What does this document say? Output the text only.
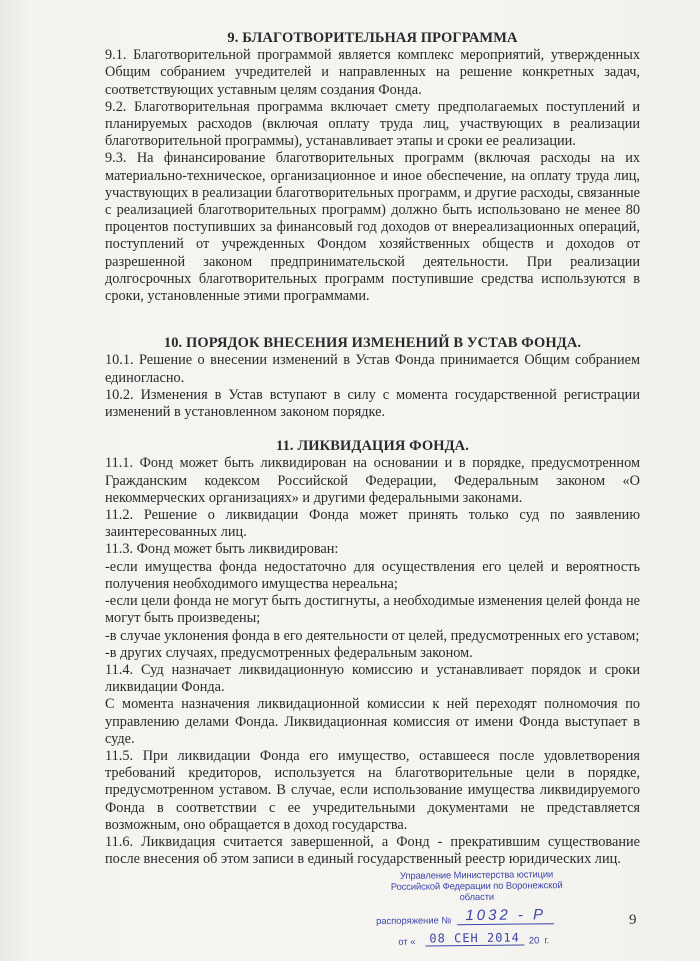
9. БЛАГОТВОРИТЕЛЬНАЯ ПРОГРАММА

9.1. Благотворительной программой является комплекс мероприятий, утвержденных Общим собранием учредителей и направленных на решение конкретных задач, соответствующих уставным целям создания Фонда.

9.2. Благотворительная программа включает смету предполагаемых поступлений и планируемых расходов (включая оплату труда лиц, участвующих в реализации благотворительной программы), устанавливает этапы и сроки ее реализации.

9.3. На финансирование благотворительных программ (включая расходы на их материально-техническое, организационное и иное обеспечение, на оплату труда лиц, участвующих в реализации благотворительных программ, и другие расходы, связанные с реализацией благотворительных программ) должно быть использовано не менее 80 процентов поступивших за финансовый год доходов от внереализационных операций, поступлений от учрежденных Фондом хозяйственных обществ и доходов от разрешенной законом предпринимательской деятельности. При реализации долгосрочных благотворительных программ поступившие средства используются в сроки, установленные этими программами.

10. ПОРЯДОК ВНЕСЕНИЯ ИЗМЕНЕНИЙ В УСТАВ ФОНДА.

10.1. Решение о внесении изменений в Устав Фонда принимается Общим собранием единогласно.

10.2. Изменения в Устав вступают в силу с момента государственной регистрации изменений в установленном законом порядке.

11. ЛИКВИДАЦИЯ ФОНДА.

11.1. Фонд может быть ликвидирован на основании и в порядке, предусмотренном Гражданским кодексом Российской Федерации, Федеральным законом «О некоммерческих организациях» и другими федеральными законами.

11.2. Решение о ликвидации Фонда может принять только суд по заявлению заинтересованных лиц.

11.3. Фонд может быть ликвидирован:

-если имущества фонда недостаточно для осуществления его целей и вероятность получения необходимого имущества нереальна;

-если цели фонда не могут быть достигнуты, а необходимые изменения целей фонда не могут быть произведены;

-в случае уклонения фонда в его деятельности от целей, предусмотренных его уставом;

-в других случаях, предусмотренных федеральным законом.

11.4. Суд назначает ликвидационную комиссию и устанавливает порядок и сроки ликвидации Фонда.

С момента назначения ликвидационной комиссии к ней переходят полномочия по управлению делами Фонда. Ликвидационная комиссия от имени Фонда выступает в суде.

11.5. При ликвидации Фонда его имущество, оставшееся после удовлетворения требований кредиторов, используется на благотворительные цели в порядке, предусмотренном уставом. В случае, если использование имущества ликвидируемого Фонда в соответствии с ее учредительными документами не представляется возможным, оно обращается в доход государства.

11.6. Ликвидация считается завершенной, а Фонд - прекратившим существование после внесения об этом записи в единый государственный реестр юридических лиц.

9
Управление Министерства юстиции
Российской Федерации по Воронежской области
распоряжение № 1032 - Р
от «	08 СЕН 2014 20 г.
